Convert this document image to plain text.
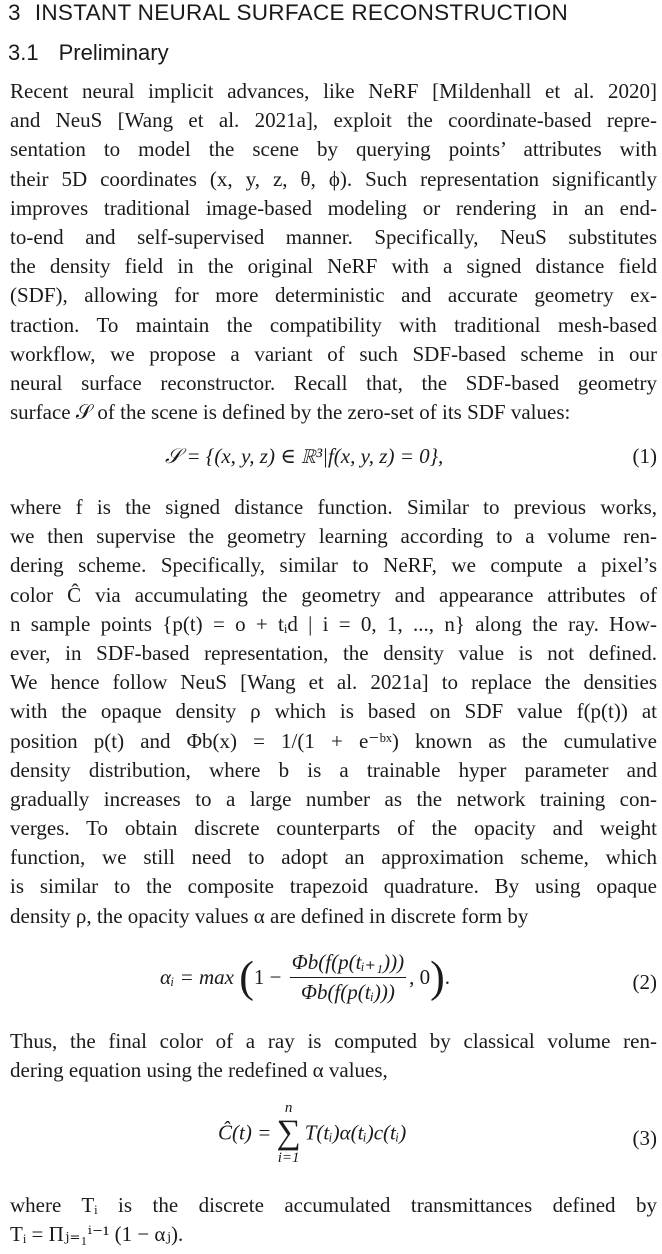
3 INSTANT NEURAL SURFACE RECONSTRUCTION
3.1 Preliminary
Recent neural implicit advances, like NeRF [Mildenhall et al. 2020]
and NeuS [Wang et al. 2021a], exploit the coordinate-based repre-
sentation to model the scene by querying points’ attributes with
their 5D coordinates (x, y, z, θ, ϕ). Such representation significantly
improves traditional image-based modeling or rendering in an end-
to-end and self-supervised manner. Specifically, NeuS substitutes
the density field in the original NeRF with a signed distance field
(SDF), allowing for more deterministic and accurate geometry ex-
traction. To maintain the compatibility with traditional mesh-based
workflow, we propose a variant of such SDF-based scheme in our
neural surface reconstructor. Recall that, the SDF-based geometry
surface 𝒮 of the scene is defined by the zero-set of its SDF values:
𝒮 = {(x, y, z) ∈ ℝ³|f(x, y, z) = 0},	(1)
where f is the signed distance function. Similar to previous works,
we then supervise the geometry learning according to a volume ren-
dering scheme. Specifically, similar to NeRF, we compute a pixel’s
color Ĉ via accumulating the geometry and appearance attributes of
n sample points {p(t) = o + tᵢd | i = 0, 1, ..., n} along the ray. How-
ever, in SDF-based representation, the density value is not defined.
We hence follow NeuS [Wang et al. 2021a] to replace the densities
with the opaque density ρ which is based on SDF value f(p(t)) at
position p(t) and Φb(x) = 1/(1 + e⁻ᵇˣ) known as the cumulative
density distribution, where b is a trainable hyper parameter and
gradually increases to a large number as the network training con-
verges. To obtain discrete counterparts of the opacity and weight
function, we still need to adopt an approximation scheme, which
is similar to the composite trapezoid quadrature. By using opaque
density ρ, the opacity values α are defined in discrete form by
αᵢ = $\max (1 - \frac{\text{Φb(f(p(tᵢ₊₁)))}}{\text{Φb(f(p(tᵢ)))}}$ , 0).	(2)
Thus, the final color of a ray is computed by classical volume ren-
dering equation using the redefined α values,
Ĉ(t) =
n
∑
i=1
T(tᵢ)α(tᵢ)c(tᵢ)	(3)
where Tᵢ is the discrete accumulated transmittances defined by
Tᵢ = Πⱼ₌₁ⁱ⁻¹ (1 − αⱼ).
